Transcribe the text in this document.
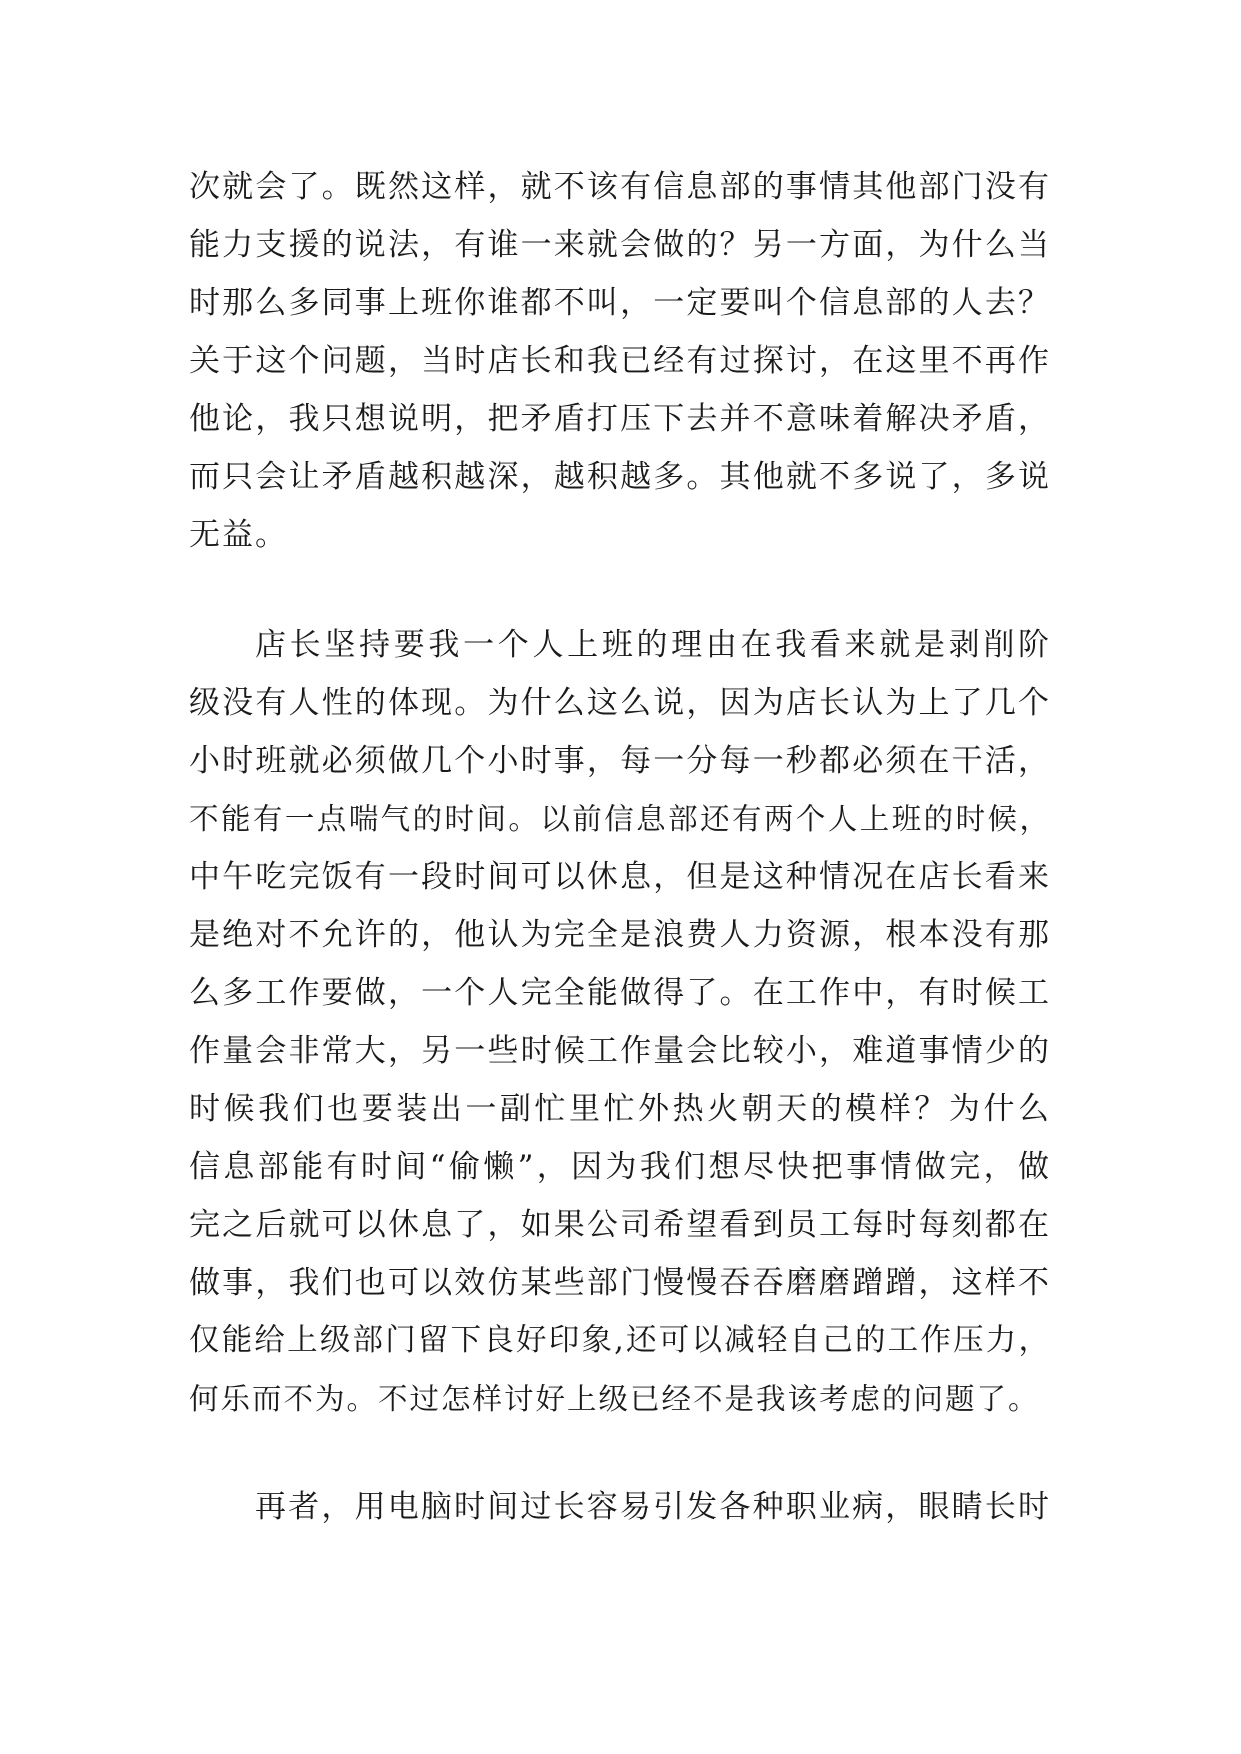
次就会了。既然这样，就不该有信息部的事情其他部门没有
能力支援的说法，有谁一来就会做的？另一方面，为什么当
时那么多同事上班你谁都不叫，一定要叫个信息部的人去？
关于这个问题，当时店长和我已经有过探讨，在这里不再作
他论，我只想说明，把矛盾打压下去并不意味着解决矛盾，
而只会让矛盾越积越深，越积越多。其他就不多说了，多说
无益。
店长坚持要我一个人上班的理由在我看来就是剥削阶
级没有人性的体现。为什么这么说，因为店长认为上了几个
小时班就必须做几个小时事，每一分每一秒都必须在干活，
不能有一点喘气的时间。以前信息部还有两个人上班的时候，
中午吃完饭有一段时间可以休息，但是这种情况在店长看来
是绝对不允许的，他认为完全是浪费人力资源，根本没有那
么多工作要做，一个人完全能做得了。在工作中，有时候工
作量会非常大，另一些时候工作量会比较小，难道事情少的
时候我们也要装出一副忙里忙外热火朝天的模样？为什么
信息部能有时间“偷懒”，因为我们想尽快把事情做完，做
完之后就可以休息了，如果公司希望看到员工每时每刻都在
做事，我们也可以效仿某些部门慢慢吞吞磨磨蹭蹭，这样不
仅能给上级部门留下良好印象,还可以减轻自己的工作压力，
何乐而不为。不过怎样讨好上级已经不是我该考虑的问题了。
再者，用电脑时间过长容易引发各种职业病，眼睛长时
